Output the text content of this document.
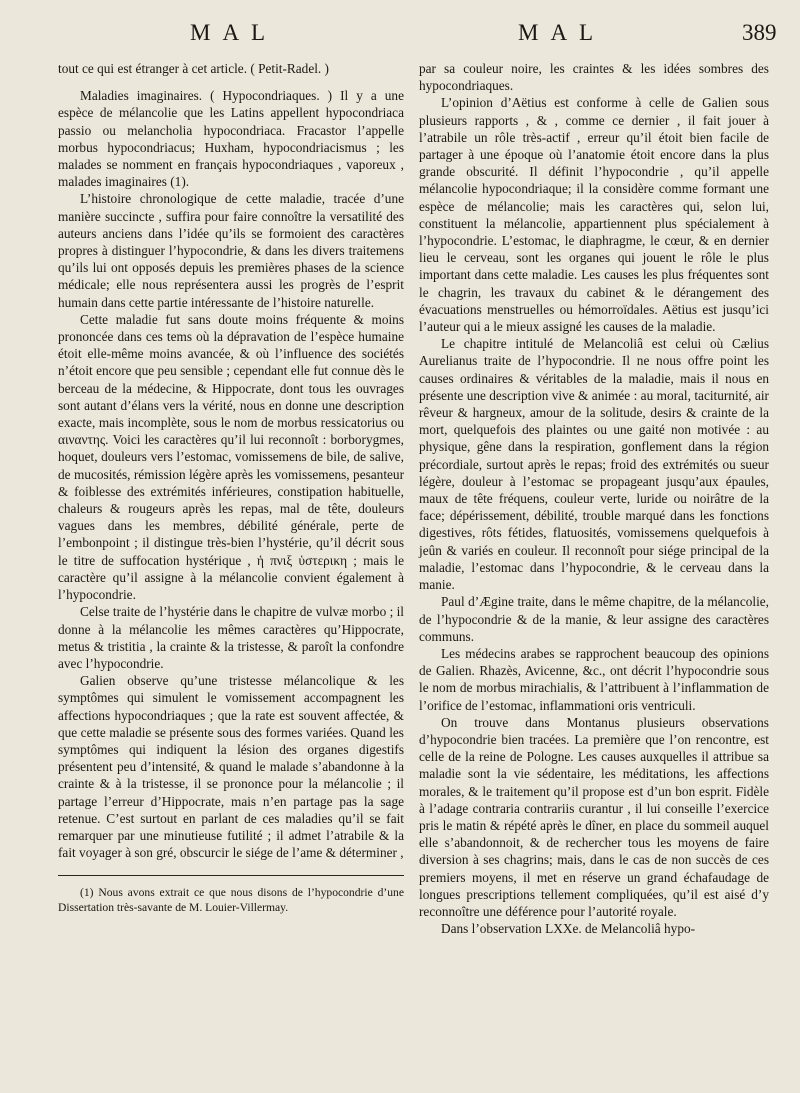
MAL	MAL	389

tout ce qui est étranger à cet article. ( Petit-Radel. )

Maladies imaginaires. ( Hypocondriaques. ) Il y a une espèce de mélancolie que les Latins appellent hypocondriaca passio ou melancholia hypocondriaca. Fracastor l’appelle morbus hypocondriacus; Huxham, hypocondriacismus ; les malades se nomment en français hypocondriaques , vaporeux , malades imaginaires (1).

L’histoire chronologique de cette maladie, tracée d’une manière succincte , suffira pour faire connoître la versatilité des auteurs anciens dans l’idée qu’ils se formoient des caractères propres à distinguer l’hypocondrie, & dans les divers traitemens qu’ils lui ont opposés depuis les premières phases de la science médicale; elle nous représentera aussi les progrès de l’esprit humain dans cette partie intéressante de l’histoire naturelle.

Cette maladie fut sans doute moins fréquente & moins prononcée dans ces tems où la dépravation de l’espèce humaine étoit elle-même moins avancée, & où l’influence des sociétés n’étoit encore que peu sensible ; cependant elle fut connue dès le berceau de la médecine, & Hippocrate, dont tous les ouvrages sont autant d’élans vers la vérité, nous en donne une description exacte, mais incomplète, sous le nom de morbus ressicatorius ou αιναντης. Voici les caractères qu’il lui reconnoît : borborygmes, hoquet, douleurs vers l’estomac, vomissemens de bile, de salive, de mucosités, rémission légère après les vomissemens, pesanteur & foiblesse des extrémités inférieures, constipation habituelle, chaleurs & rougeurs après les repas, mal de tête, douleurs vagues dans les membres, débilité générale, perte de l’embonpoint ; il distingue très-bien l’hystérie, qu’il décrit sous le titre de suffocation hystérique , ἡ πνιξ ὑστερικη ; mais le caractère qu’il assigne à la mélancolie convient également à l’hypocondrie.

Celse traite de l’hystérie dans le chapitre de vulvæ morbo ; il donne à la mélancolie les mêmes caractères qu’Hippocrate, metus & tristitia , la crainte & la tristesse, & paroît la confondre avec l’hypocondrie.

Galien observe qu’une tristesse mélancolique & les symptômes qui simulent le vomissement accompagnent les affections hypocondriaques ; que la rate est souvent affectée, & que cette maladie se présente sous des formes variées. Quand les symptômes qui indiquent la lésion des organes digestifs présentent peu d’intensité, & quand le malade s’abandonne à la crainte & à la tristesse, il se prononce pour la mélancolie ; il partage l’erreur d’Hippocrate, mais n’en partage pas la sage retenue. C’est surtout en parlant de ces maladies qu’il se fait remarquer par une minutieuse futilité ; il admet l’atrabile & la fait voyager à son gré, obscurcir le siége de l’ame & déterminer ,

(1) Nous avons extrait ce que nous disons de l’hypocondrie d’une Dissertation très-savante de M. Louier-Villermay.

par sa couleur noire, les craintes & les idées sombres des hypocondriaques.

L’opinion d’Aëtius est conforme à celle de Galien sous plusieurs rapports , & , comme ce dernier , il fait jouer à l’atrabile un rôle très-actif , erreur qu’il étoit bien facile de partager à une époque où l’anatomie étoit encore dans la plus grande obscurité. Il définit l’hypocondrie , qu’il appelle mélancolie hypocondriaque; il la considère comme formant une espèce de mélancolie; mais les caractères qui, selon lui, constituent la mélancolie, appartiennent plus spécialement à l’hypocondrie. L’estomac, le diaphragme, le cœur, & en dernier lieu le cerveau, sont les organes qui jouent le rôle le plus important dans cette maladie. Les causes les plus fréquentes sont le chagrin, les travaux du cabinet & le dérangement des évacuations menstruelles ou hémorroïdales. Aëtius est jusqu’ici l’auteur qui a le mieux assigné les causes de la maladie.

Le chapitre intitulé de Melancoliâ est celui où Cælius Aurelianus traite de l’hypocondrie. Il ne nous offre point les causes ordinaires & véritables de la maladie, mais il nous en présente une description vive & animée : au moral, taciturnité, air rêveur & hargneux, amour de la solitude, desirs & crainte de la mort, quelquefois des plaintes ou une gaité non motivée : au physique, gêne dans la respiration, gonflement dans la région précordiale, surtout après le repas; froid des extrémités ou sueur légère, douleur à l’estomac se propageant jusqu’aux épaules, maux de tête fréquens, couleur verte, luride ou noirâtre de la face; dépérissement, débilité, trouble marqué dans les fonctions digestives, rôts fétides, flatuosités, vomissemens quelquefois à jeûn & variés en couleur. Il reconnoît pour siége principal de la maladie, l’estomac dans l’hypocondrie, & le cerveau dans la manie.

Paul d’Ægine traite, dans le même chapitre, de la mélancolie, de l’hypocondrie & de la manie, & leur assigne des caractères communs.

Les médecins arabes se rapprochent beaucoup des opinions de Galien. Rhazès, Avicenne, &c., ont décrit l’hypocondrie sous le nom de morbus mirachialis, & l’attribuent à l’inflammation de l’orifice de l’estomac, inflammationi oris ventriculi.

On trouve dans Montanus plusieurs observations d’hypocondrie bien tracées. La première que l’on rencontre, est celle de la reine de Pologne. Les causes auxquelles il attribue sa maladie sont la vie sédentaire, les méditations, les affections morales, & le traitement qu’il propose est d’un bon esprit. Fidèle à l’adage contraria contrariis curantur , il lui conseille l’exercice pris le matin & répété après le dîner, en place du sommeil auquel elle s’abandonnoit, & de rechercher tous les moyens de faire diversion à ses chagrins; mais, dans le cas de non succès de ces premiers moyens, il met en réserve un grand échafaudage de longues prescriptions tellement compliquées, qu’il est aisé d’y reconnoître une déférence pour l’autorité royale.

Dans l’observation LXXe. de Melancoliâ hypo-
